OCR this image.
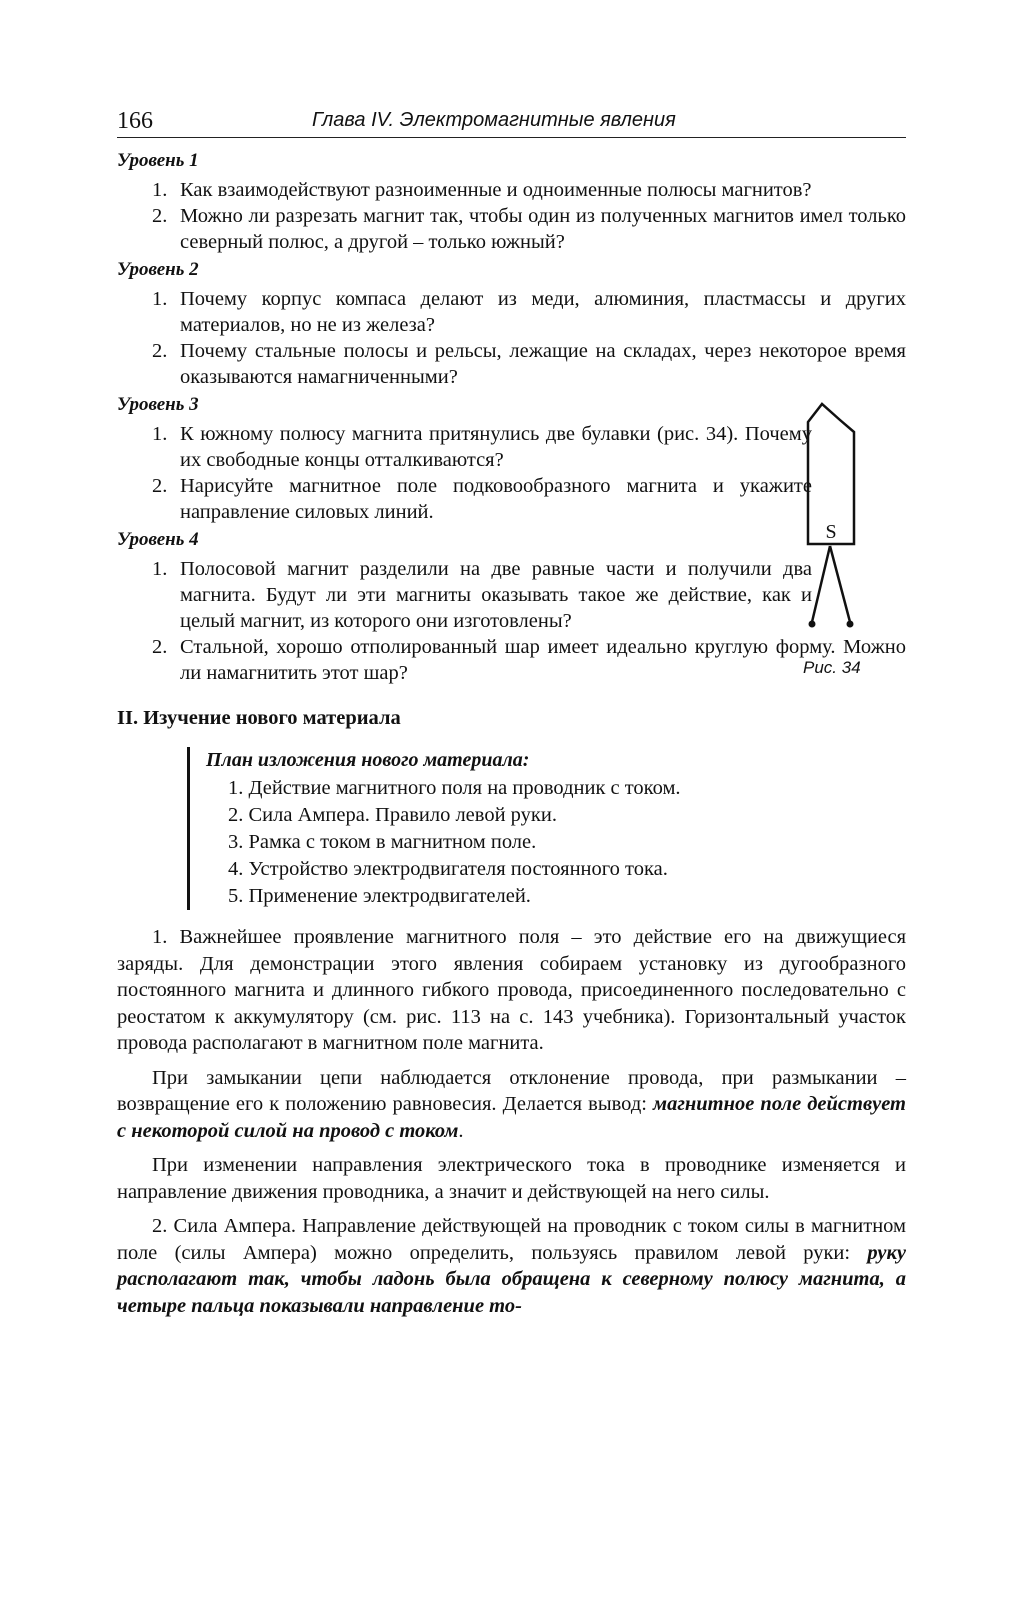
166	Глава IV. Электромагнитные явления
Уровень 1
1. Как взаимодействуют разноименные и одноименные полюсы магнитов?
2. Можно ли разрезать магнит так, чтобы один из полученных магнитов имел только северный полюс, а другой – только южный?
Уровень 2
1. Почему корпус компаса делают из меди, алюминия, пластмассы и других материалов, но не из железа?
2. Почему стальные полосы и рельсы, лежащие на складах, через некоторое время оказываются намагниченными?
Уровень 3
1. К южному полюсу магнита притянулись две булавки (рис. 34). Почему их свободные концы отталкиваются?
2. Нарисуйте магнитное поле подковообразного магнита и укажите направление силовых линий.
Уровень 4
1. Полосовой магнит разделили на две равные части и получили два магнита. Будут ли эти магниты оказывать такое же действие, как и целый магнит, из которого они изготовлены?
2. Стальной, хорошо отполированный шар имеет идеально круглую форму. Можно ли намагнитить этот шар?
II. Изучение нового материала
План изложения нового материала:
1. Действие магнитного поля на проводник с током.
2. Сила Ампера. Правило левой руки.
3. Рамка с током в магнитном поле.
4. Устройство электродвигателя постоянного тока.
5. Применение электродвигателей.

1. Важнейшее проявление магнитного поля – это действие его на движущиеся заряды. Для демонстрации этого явления собираем установку из дугообразного постоянного магнита и длинного гибкого провода, присоединенного последовательно с реостатом к аккумулятору (см. рис. 113 на с. 143 учебника). Горизонтальный участок провода располагают в магнитном поле магнита.

При замыкании цепи наблюдается отклонение провода, при размыкании – возвращение его к положению равновесия. Делается вывод: магнитное поле действует с некоторой силой на провод с током.

При изменении направления электрического тока в проводнике изменяется и направление движения проводника, а значит и действующей на него силы.

2. Сила Ампера. Направление действующей на проводник с током силы в магнитном поле (силы Ампера) можно определить, пользуясь правилом левой руки: руку располагают так, чтобы ладонь была обращена к северному полюсу магнита, а четыре пальца показывали направление то-

S
Рис. 34
